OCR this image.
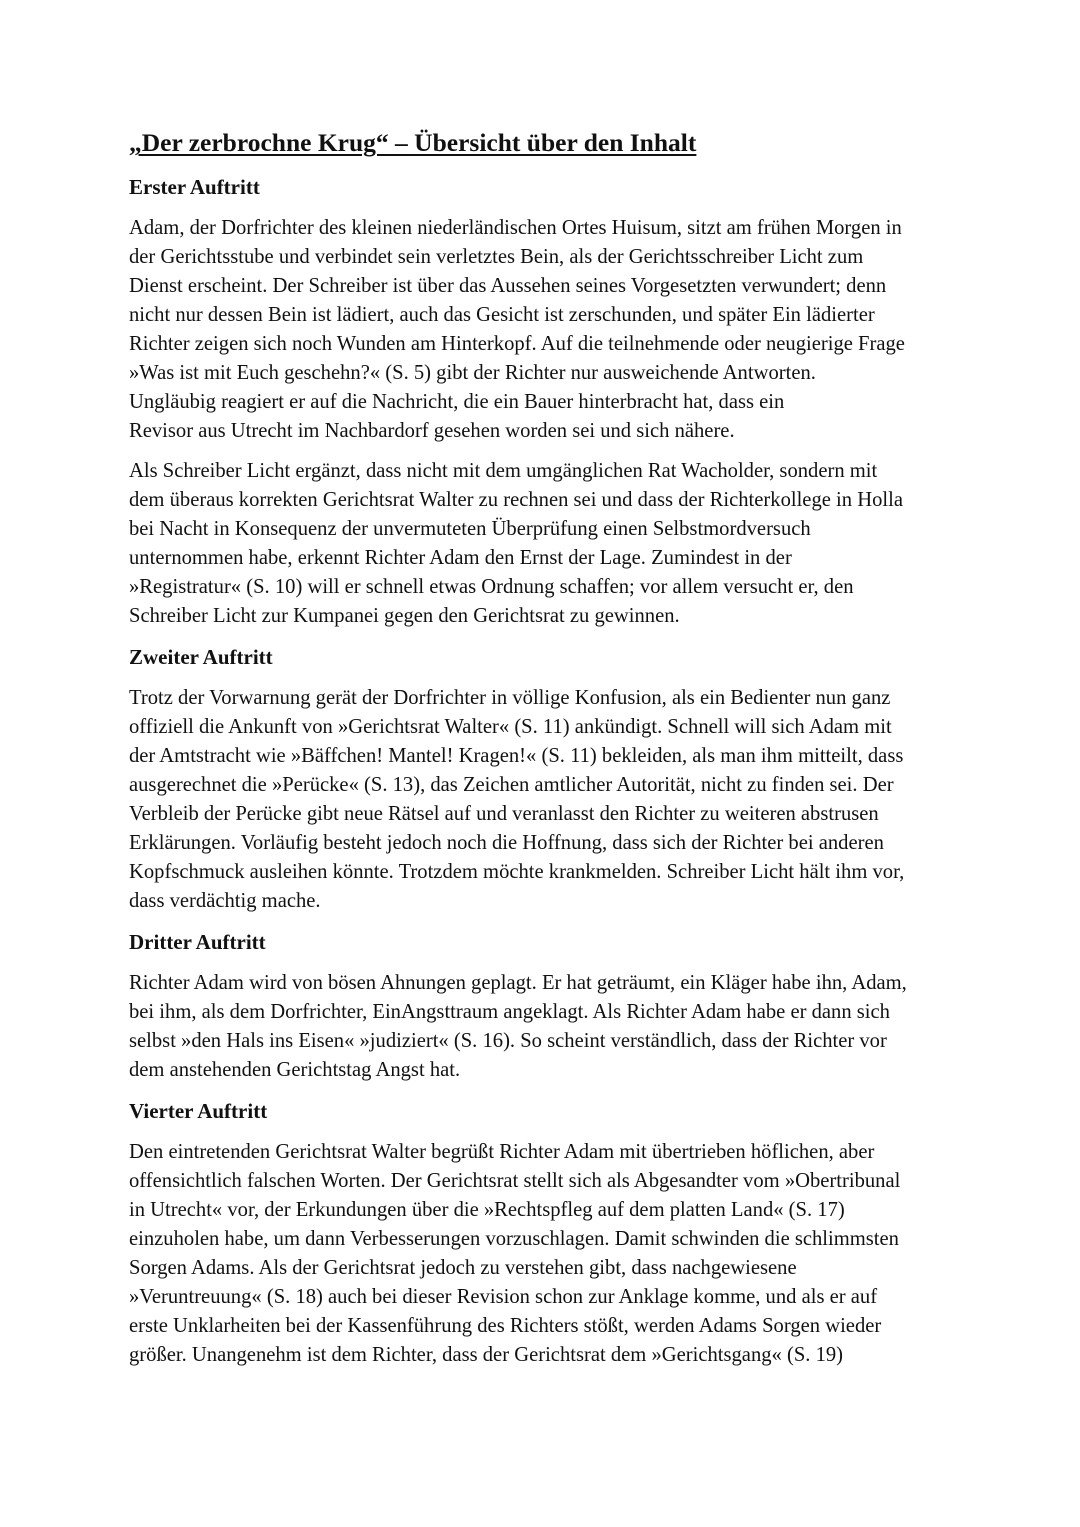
„Der zerbrochne Krug“ – Übersicht über den Inhalt
Erster Auftritt

Adam, der Dorfrichter des kleinen niederländischen Ortes Huisum, sitzt am frühen Morgen in
der Gerichtsstube und verbindet sein verletztes Bein, als der Gerichtsschreiber Licht zum
Dienst erscheint. Der Schreiber ist über das Aussehen seines Vorgesetzten verwundert; denn
nicht nur dessen Bein ist lädiert, auch das Gesicht ist zerschunden, und später Ein lädierter
Richter zeigen sich noch Wunden am Hinterkopf. Auf die teilnehmende oder neugierige Frage
»Was ist mit Euch geschehn?« (S. 5) gibt der Richter nur ausweichende Antworten.
Ungläubig reagiert er auf die Nachricht, die ein Bauer hinterbracht hat, dass ein
Revisor aus Utrecht im Nachbardorf gesehen worden sei und sich nähere.

Als Schreiber Licht ergänzt, dass nicht mit dem umgänglichen Rat Wacholder, sondern mit
dem überaus korrekten Gerichtsrat Walter zu rechnen sei und dass der Richterkollege in Holla
bei Nacht in Konsequenz der unvermuteten Überprüfung einen Selbstmordversuch
unternommen habe, erkennt Richter Adam den Ernst der Lage. Zumindest in der
»Registratur« (S. 10) will er schnell etwas Ordnung schaffen; vor allem versucht er, den
Schreiber Licht zur Kumpanei gegen den Gerichtsrat zu gewinnen.

Zweiter Auftritt

Trotz der Vorwarnung gerät der Dorfrichter in völlige Konfusion, als ein Bedienter nun ganz
offiziell die Ankunft von »Gerichtsrat Walter« (S. 11) ankündigt. Schnell will sich Adam mit
der Amtstracht wie »Bäffchen! Mantel! Kragen!« (S. 11) bekleiden, als man ihm mitteilt, dass
ausgerechnet die »Perücke« (S. 13), das Zeichen amtlicher Autorität, nicht zu finden sei. Der
Verbleib der Perücke gibt neue Rätsel auf und veranlasst den Richter zu weiteren abstrusen
Erklärungen. Vorläufig besteht jedoch noch die Hoffnung, dass sich der Richter bei anderen
Kopfschmuck ausleihen könnte. Trotzdem möchte krankmelden. Schreiber Licht hält ihm vor,
dass verdächtig mache.

Dritter Auftritt

Richter Adam wird von bösen Ahnungen geplagt. Er hat geträumt, ein Kläger habe ihn, Adam,
bei ihm, als dem Dorfrichter, EinAngsttraum angeklagt. Als Richter Adam habe er dann sich
selbst »den Hals ins Eisen« »judiziert« (S. 16). So scheint verständlich, dass der Richter vor
dem anstehenden Gerichtstag Angst hat.

Vierter Auftritt

Den eintretenden Gerichtsrat Walter begrüßt Richter Adam mit übertrieben höflichen, aber
offensichtlich falschen Worten. Der Gerichtsrat stellt sich als Abgesandter vom »Obertribunal
in Utrecht« vor, der Erkundungen über die »Rechtspfleg auf dem platten Land« (S. 17)
einzuholen habe, um dann Verbesserungen vorzuschlagen. Damit schwinden die schlimmsten
Sorgen Adams. Als der Gerichtsrat jedoch zu verstehen gibt, dass nachgewiesene
»Veruntreuung« (S. 18) auch bei dieser Revision schon zur Anklage komme, und als er auf
erste Unklarheiten bei der Kassenführung des Richters stößt, werden Adams Sorgen wieder
größer. Unangenehm ist dem Richter, dass der Gerichtsrat dem »Gerichtsgang« (S. 19)
